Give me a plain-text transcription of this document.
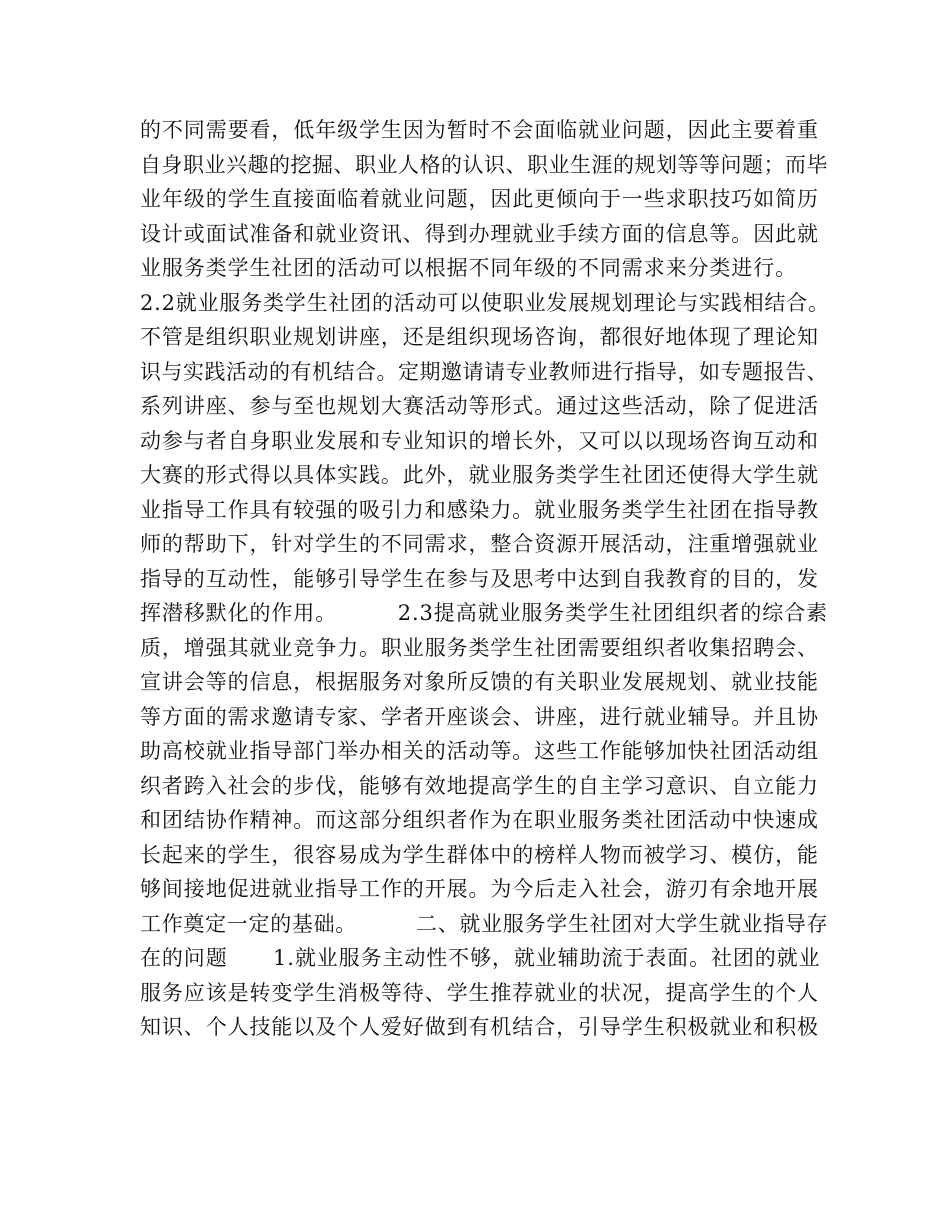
的不同需要看，低年级学生因为暂时不会面临就业问题，因此主要着重
自身职业兴趣的挖掘、职业人格的认识、职业生涯的规划等等问题；而毕
业年级的学生直接面临着就业问题，因此更倾向于一些求职技巧如简历
设计或面试准备和就业资讯、得到办理就业手续方面的信息等。因此就
业服务类学生社团的活动可以根据不同年级的不同需求来分类进行。
2.2就业服务类学生社团的活动可以使职业发展规划理论与实践相结合。
不管是组织职业规划讲座，还是组织现场咨询，都很好地体现了理论知
识与实践活动的有机结合。定期邀请请专业教师进行指导，如专题报告、
系列讲座、参与至也规划大赛活动等形式。通过这些活动，除了促进活
动参与者自身职业发展和专业知识的增长外，又可以以现场咨询互动和
大赛的形式得以具体实践。此外，就业服务类学生社团还使得大学生就
业指导工作具有较强的吸引力和感染力。就业服务类学生社团在指导教
师的帮助下，针对学生的不同需求，整合资源开展活动，注重增强就业
指导的互动性，能够引导学生在参与及思考中达到自我教育的目的，发
挥潜移默化的作用。        2.3提高就业服务类学生社团组织者的综合素
质，增强其就业竞争力。职业服务类学生社团需要组织者收集招聘会、
宣讲会等的信息，根据服务对象所反馈的有关职业发展规划、就业技能
等方面的需求邀请专家、学者开座谈会、讲座，进行就业辅导。并且协
助高校就业指导部门举办相关的活动等。这些工作能够加快社团活动组
织者跨入社会的步伐，能够有效地提高学生的自主学习意识、自立能力
和团结协作精神。而这部分组织者作为在职业服务类社团活动中快速成
长起来的学生，很容易成为学生群体中的榜样人物而被学习、模仿，能
够间接地促进就业指导工作的开展。为今后走入社会，游刃有余地开展
工作奠定一定的基础。        二、就业服务学生社团对大学生就业指导存
在的问题      1.就业服务主动性不够，就业辅助流于表面。社团的就业
服务应该是转变学生消极等待、学生推荐就业的状况，提高学生的个人
知识、个人技能以及个人爱好做到有机结合，引导学生积极就业和积极
